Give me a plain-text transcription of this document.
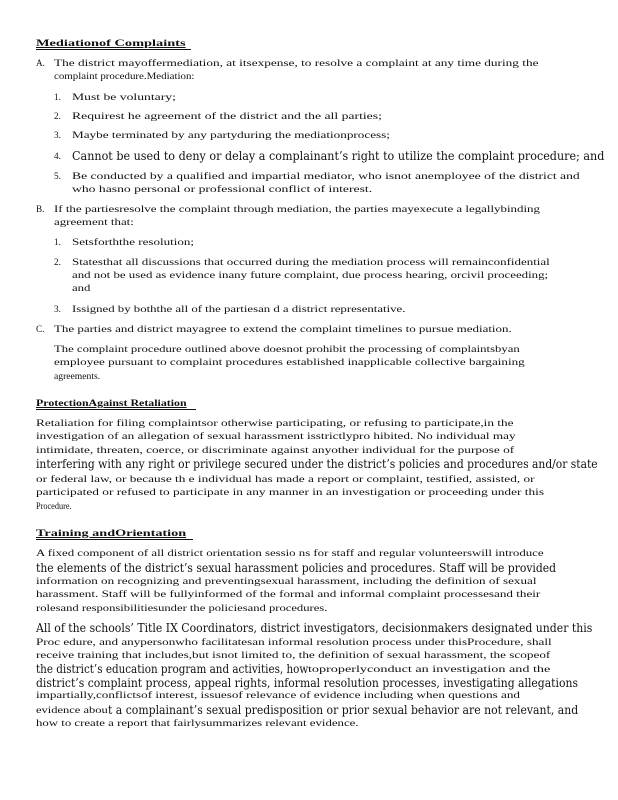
Mediationof Complaints
A. The district mayoffermediation, at itsexpense, to resolve a complaint at any time during the
complaint procedure.Mediation:
1. Must be voluntary;
2. Requirest he agreement of the district and the all parties;
3. Maybe terminated by any partyduring the mediationprocess;
4. Cannot be used to deny or delay a complainant’s right to utilize the complaint procedure; and
5. Be conducted by a qualified and impartial mediator, who isnot anemployee of the district and
who hasno personal or professional conflict of interest.
B. If the partiesresolve the complaint through mediation, the parties mayexecute a legallybinding
agreement that:
1. Setsforththe resolution;
2. Statesthat all discussions that occurred during the mediation process will remainconfidential
and not be used as evidence inany future complaint, due process hearing, orcivil proceeding;
and
3. Issigned by boththe all of the partiesan d a district representative.
C. The parties and district mayagree to extend the complaint timelines to pursue mediation.
The complaint procedure outlined above doesnot prohibit the processing of complaintsbyan
employee pursuant to complaint procedures established inapplicable collective bargaining
agreements.
ProtectionAgainst Retaliation
Retaliation for filing complaintsor otherwise participating, or refusing to participate,in the
investigation of an allegation of sexual harassment isstrictlypro hibited. No individual may
intimidate, threaten, coerce, or discriminate against anyother individual for the purpose of
interfering with any right or privilege secured under the district’s policies and procedures and/or state
or federal law, or because th e individual has made a report or complaint, testified, assisted, or
participated or refused to participate in any manner in an investigation or proceeding under this
Procedure.
Training andOrientation
A fixed component of all district orientation sessio ns for staff and regular volunteerswill introduce
the elements of the district’s sexual harassment policies and procedures. Staff will be provided
information on recognizing and preventingsexual harassment, including the definition of sexual
harassment. Staff will be fullyinformed of the formal and informal complaint processesand their
rolesand responsibilitiesunder the policiesand procedures.
All of the schools’ Title IX Coordinators, district investigators, decisionmakers designated under this
Proc edure, and anypersonwho facilitatesan informal resolution process under thisProcedure, shall
receive training that includes,but isnot limited to, the definition of sexual harassment, the scopeof
the district’s education program and activities, how toproperlyconduct an investigation and the
district’s complaint process, appeal rights, informal resolution processes, investigating allegations
impartially,conflictsof interest, issuesof relevance of evidence including when questions and
evidence abou t a complainant’s sexual predisposition or prior sexual behavior are not relevant, and
how to create a report that fairlysummarizes relevant evidence.
